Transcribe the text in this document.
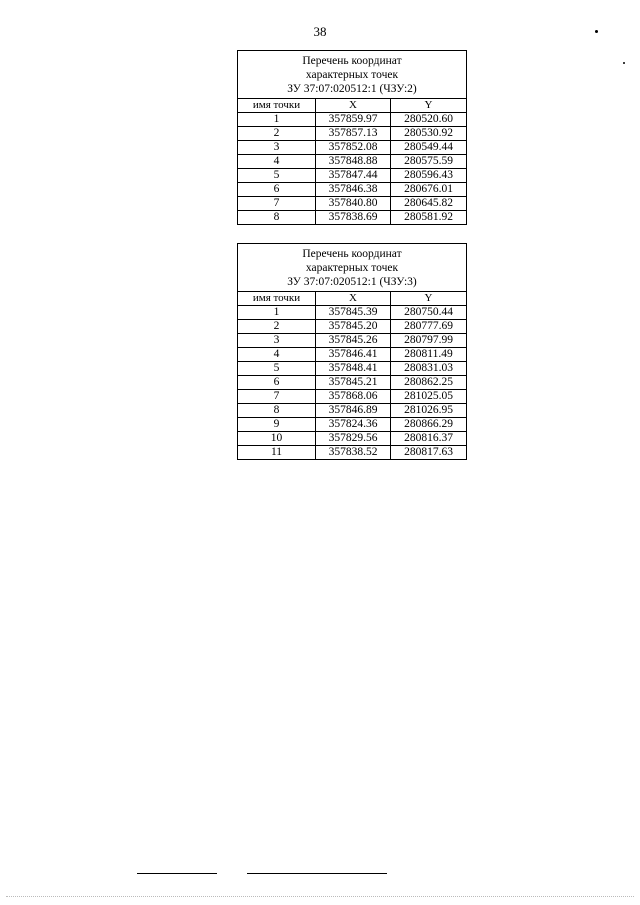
38
Перечень координат
характерных точек
ЗУ 37:07:020512:1 (ЧЗУ:2)		

имя точки	X	Y
1	357859.97	280520.60
2	357857.13	280530.92
3	357852.08	280549.44
4	357848.88	280575.59
5	357847.44	280596.43
6	357846.38	280676.01
7	357840.80	280645.82
8	357838.69	280581.92
Перечень координат
характерных точек
ЗУ 37:07:020512:1 (ЧЗУ:3)		

имя точки	X	Y
1	357845.39	280750.44
2	357845.20	280777.69
3	357845.26	280797.99
4	357846.41	280811.49
5	357848.41	280831.03
6	357845.21	280862.25
7	357868.06	281025.05
8	357846.89	281026.95
9	357824.36	280866.29
10	357829.56	280816.37
11	357838.52	280817.63
